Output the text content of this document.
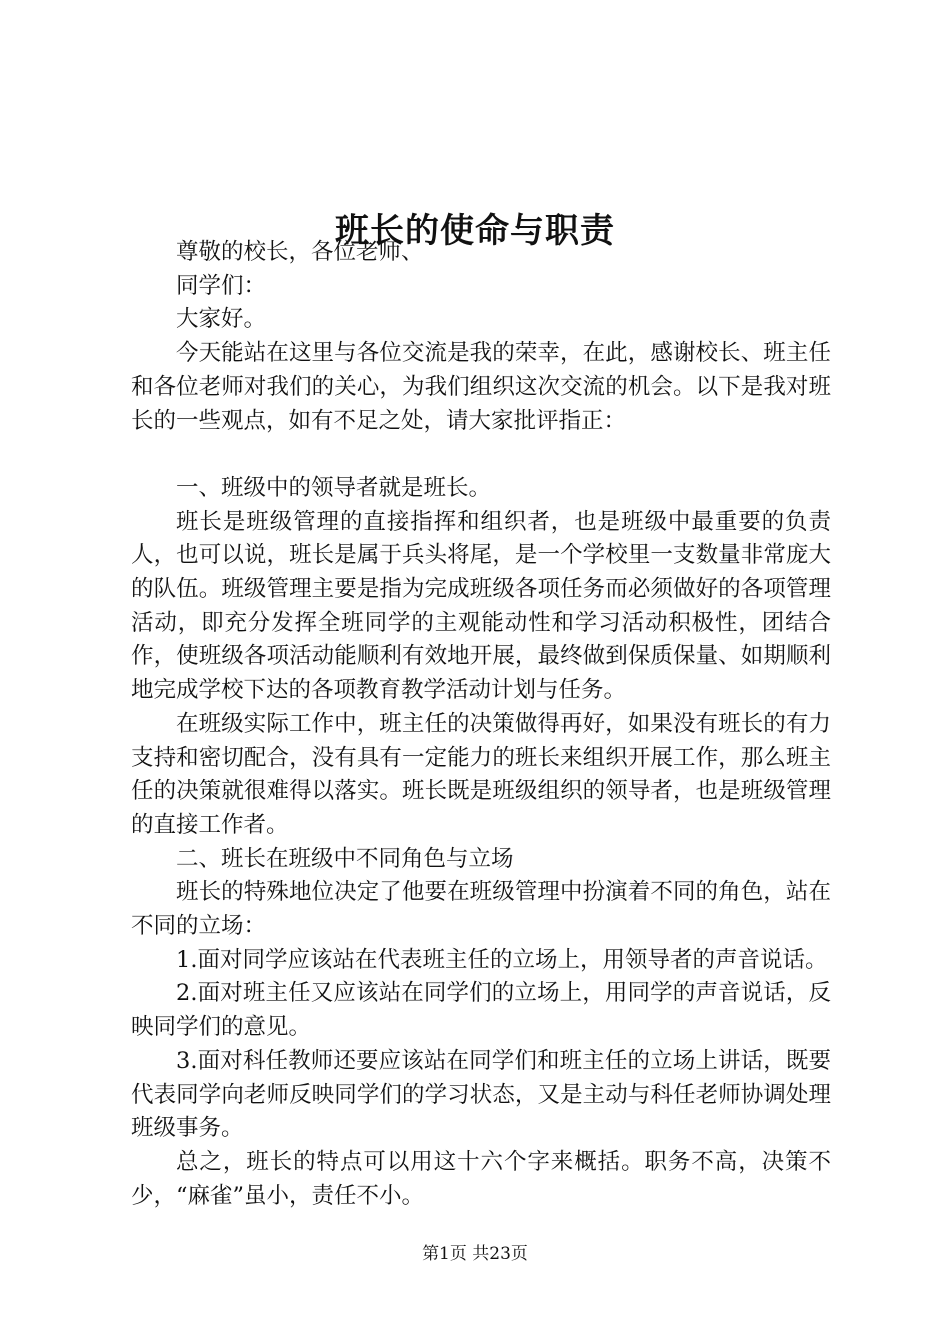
班长的使命与职责

尊敬的校长，各位老师、

同学们：

大家好。

今天能站在这里与各位交流是我的荣幸，在此，感谢校长、班主任和各位老师对我们的关心，为我们组织这次交流的机会。以下是我对班长的一些观点，如有不足之处，请大家批评指正：

一、班级中的领导者就是班长。

班长是班级管理的直接指挥和组织者，也是班级中最重要的负责人，也可以说，班长是属于兵头将尾，是一个学校里一支数量非常庞大的队伍。班级管理主要是指为完成班级各项任务而必须做好的各项管理活动，即充分发挥全班同学的主观能动性和学习活动积极性，团结合作，使班级各项活动能顺利有效地开展，最终做到保质保量、如期顺利地完成学校下达的各项教育教学活动计划与任务。

在班级实际工作中，班主任的决策做得再好，如果没有班长的有力支持和密切配合，没有具有一定能力的班长来组织开展工作，那么班主任的决策就很难得以落实。班长既是班级组织的领导者，也是班级管理的直接工作者。

二、班长在班级中不同角色与立场

班长的特殊地位决定了他要在班级管理中扮演着不同的角色，站在不同的立场：

1.面对同学应该站在代表班主任的立场上，用领导者的声音说话。

2.面对班主任又应该站在同学们的立场上，用同学的声音说话，反映同学们的意见。

3.面对科任教师还要应该站在同学们和班主任的立场上讲话，既要代表同学向老师反映同学们的学习状态，又是主动与科任老师协调处理班级事务。

总之，班长的特点可以用这十六个字来概括。职务不高，决策不少，“麻雀”虽小，责任不小。

第1页 共23页
